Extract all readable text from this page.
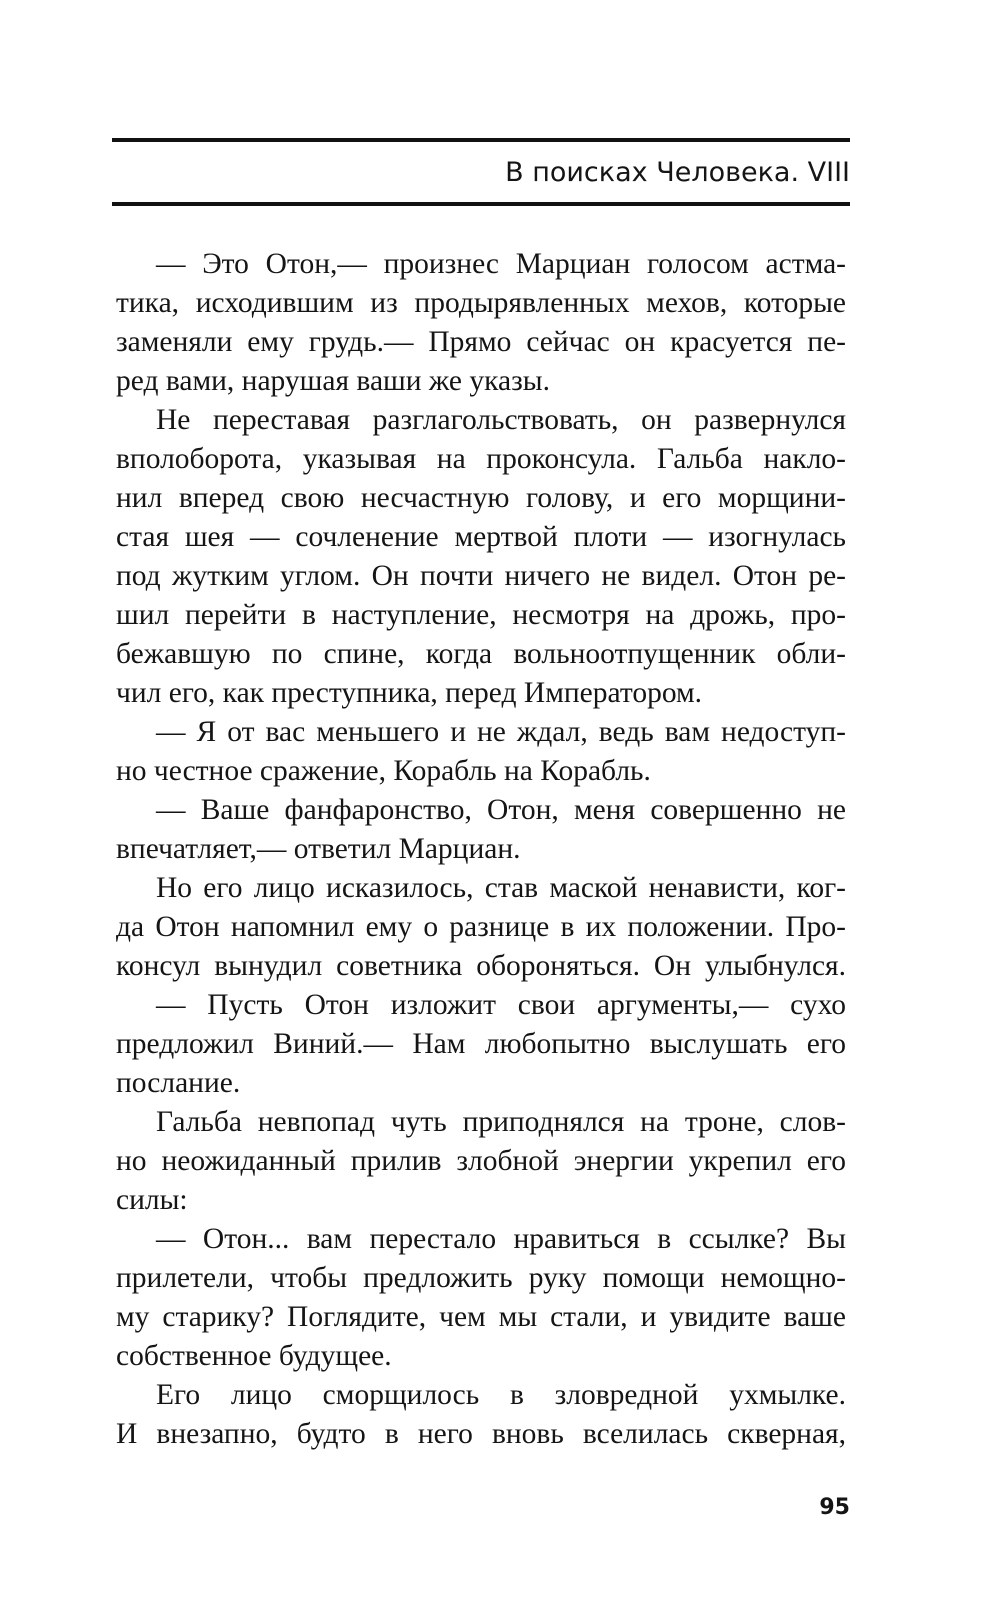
В поисках Человека. VIII
— Это Отон,— произнес Марциан голосом астма-
тика, исходившим из продырявленных мехов, которые
заменяли ему грудь.— Прямо сейчас он красуется пе-
ред вами, нарушая ваши же указы.
Не переставая разглагольствовать, он развернулся
вполоборота, указывая на проконсула. Гальба накло-
нил вперед свою несчастную голову, и его морщини-
стая шея — сочленение мертвой плоти — изогнулась
под жутким углом. Он почти ничего не видел. Отон ре-
шил перейти в наступление, несмотря на дрожь, про-
бежавшую по спине, когда вольноотпущенник обли-
чил его, как преступника, перед Императором.
— Я от вас меньшего и не ждал, ведь вам недоступ-
но честное сражение, Корабль на Корабль.
— Ваше фанфаронство, Отон, меня совершенно не
впечатляет,— ответил Марциан.
Но его лицо исказилось, став маской ненависти, ког-
да Отон напомнил ему о разнице в их положении. Про-
консул вынудил советника обороняться. Он улыбнулся.
— Пусть Отон изложит свои аргументы,— сухо
предложил Виний.— Нам любопытно выслушать его
послание.
Гальба невпопад чуть приподнялся на троне, слов-
но неожиданный прилив злобной энергии укрепил его
силы:
— Отон... вам перестало нравиться в ссылке? Вы
прилетели, чтобы предложить руку помощи немощно-
му старику? Поглядите, чем мы стали, и увидите ваше
собственное будущее.
Его лицо сморщилось в зловредной ухмылке.
И внезапно, будто в него вновь вселилась скверная,
95
